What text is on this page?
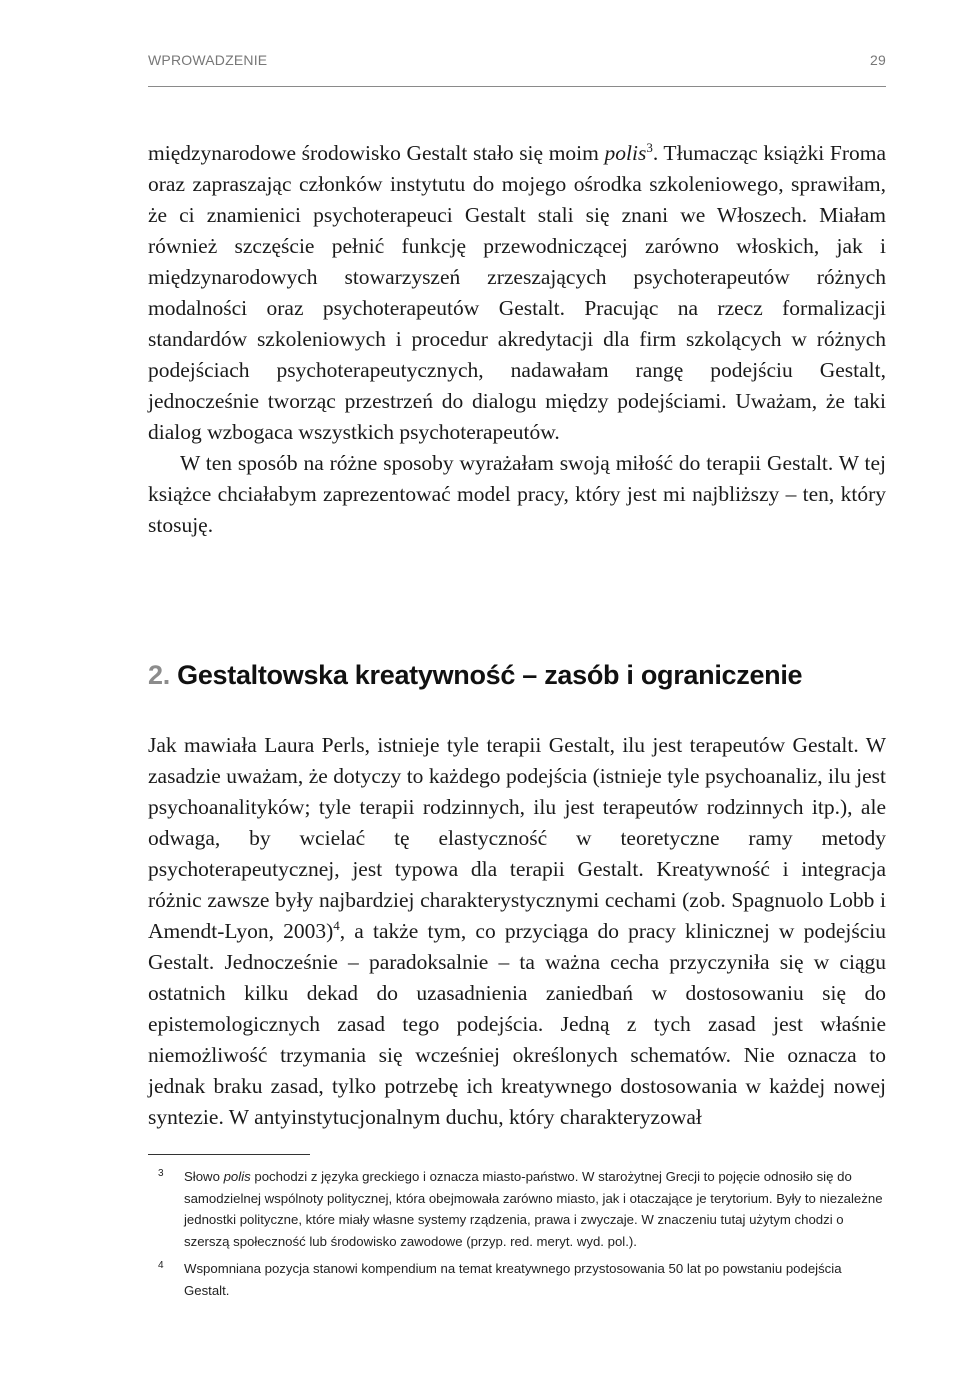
WPROWADZENIE	29

międzynarodowe środowisko Gestalt stało się moim polis$^3$. Tłumacząc książki Froma oraz zapraszając członków instytutu do mojego ośrodka szkoleniowego, sprawiłam, że ci znamienici psychoterapeuci Gestalt stali się znani we Włoszech. Miałam również szczęście pełnić funkcję przewodniczącej zarówno włoskich, jak i międzynarodowych stowarzyszeń zrzeszających psychoterapeutów różnych modalności oraz psychoterapeutów Gestalt. Pracując na rzecz formalizacji standardów szkoleniowych i procedur akredytacji dla firm szkolących w różnych podejściach psychoterapeutycznych, nadawałam rangę podejściu Gestalt, jednocześnie tworząc przestrzeń do dialogu między podejściami. Uważam, że taki dialog wzbogaca wszystkich psychoterapeutów.

W ten sposób na różne sposoby wyrażałam swoją miłość do terapii Gestalt. W tej książce chciałabym zaprezentować model pracy, który jest mi najbliższy – ten, który stosuję.

2. Gestaltowska kreatywność – zasób i ograniczenie

Jak mawiała Laura Perls, istnieje tyle terapii Gestalt, ilu jest terapeutów Gestalt. W zasadzie uważam, że dotyczy to każdego podejścia (istnieje tyle psychoanaliz, ilu jest psychoanalityków; tyle terapii rodzinnych, ilu jest terapeutów rodzinnych itp.), ale odwaga, by wcielać tę elastyczność w teoretyczne ramy metody psychoterapeutycznej, jest typowa dla terapii Gestalt. Kreatywność i integracja różnic zawsze były najbardziej charakterystycznymi cechami (zob. Spagnuolo Lobb i Amendt-Lyon, 2003)$^4$, a także tym, co przyciąga do pracy klinicznej w podejściu Gestalt. Jednocześnie – paradoksalnie – ta ważna cecha przyczyniła się w ciągu ostatnich kilku dekad do uzasadnienia zaniedbań w dostosowaniu się do epistemologicznych zasad tego podejścia. Jedną z tych zasad jest właśnie niemożliwość trzymania się wcześniej określonych schematów. Nie oznacza to jednak braku zasad, tylko potrzebę ich kreatywnego dostosowania w każdej nowej syntezie. W antyinstytucjonalnym duchu, który charakteryzował

3 Słowo polis pochodzi z języka greckiego i oznacza miasto-państwo. W starożytnej Grecji to pojęcie odnosiło się do samodzielnej wspólnoty politycznej, która obejmowała zarówno miasto, jak i otaczające je terytorium. Były to niezależne jednostki polityczne, które miały własne systemy rządzenia, prawa i zwyczaje. W znaczeniu tutaj użytym chodzi o szerszą społeczność lub środowisko zawodowe (przyp. red. meryt. wyd. pol.).
4 Wspomniana pozycja stanowi kompendium na temat kreatywnego przystosowania 50 lat po powstaniu podejścia Gestalt.
